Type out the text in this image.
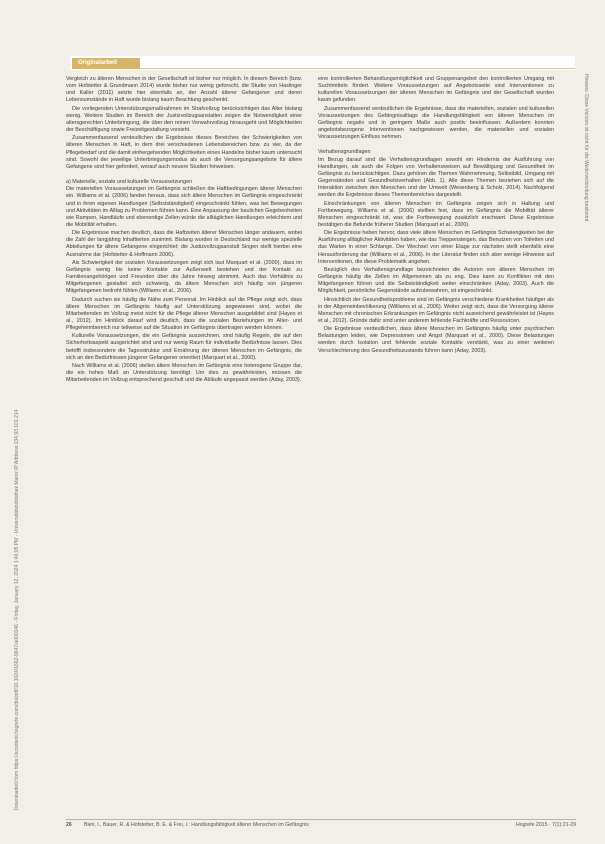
Originalarbeit
Downloaded from https://econtent.hogrefe.com/doi/pdf/10.1024/1662-9647/a000146 - Friday, January 12, 2024 1:46:05 PM - Universitätsbibliothek Mainz IP Address:134.93.101.214
Hinweis: Diese Version ist nicht für die Weiterverbreitung bestimmt

Vergleich zu älteren Menschen in der Gesellschaft ist bisher nur möglich. In diesem Bereich (bzw. vom Hofstetter & Grundmann 2014) wurde bisher nur wenig geforscht, die Studie von Haslinger und Kaller (2011) setzte hier ebenfalls an, der Anzahl älterer Gefangener und deren Lebensumstände in Haft wurde bislang kaum Beachtung geschenkt.

Die vorliegenden Unterstützungsmaßnahmen im Strafvollzug berücksichtigen das Alter bislang wenig. Weitere Studien im Bereich der Justizvollzugsanstalten zeigen die Notwendigkeit einer altersgerechten Unterbringung, die über den reinen Verwahrvollzug hinausgeht und Möglichkeiten der Beschäftigung sowie Freizeitgestaltung vorsieht.

Zusammenfassend verdeutlichen die Ergebnisse dieses Bereiches der Schwierigkeiten von älteren Menschen in Haft, in dem drei verschiedenen Lebensbereichen bzw. zu vier, da der Pflegebedarf und die damit einhergehenden Möglichkeiten eines Handelns bisher kaum untersucht sind. Sowohl der jeweilige Unterbringungsmodus als auch die Versorgungsangebote für ältere Gefangene sind hier gefordert, worauf auch neuere Studien hinweisen.

a) Materielle, soziale und kulturelle Voraussetzungen

Die materiellen Voraussetzungen im Gefängnis schließen die Haftbedingungen älterer Menschen ein. Williams et al. (2006) fanden heraus, dass sich ältere Menschen im Gefängnis eingeschränkt und in ihren eigenen Handlungen (Selbstständigkeit) eingeschränkt fühlen, was bei Bewegungen und Aktivitäten im Alltag zu Problemen führen kann. Eine Anpassung der baulichen Gegebenheiten wie Rampen, Handläufe und ebenerdige Zellen würde die alltäglichen Handlungen erleichtern und die Mobilität erhalten.

Die Ergebnisse machen deutlich, dass die Haftzeiten älterer Menschen länger andauern, wobei die Zahl der langjährig Inhaftierten zunimmt. Bislang wurden in Deutschland nur wenige spezielle Abteilungen für ältere Gefangene eingerichtet; die Justizvollzugsanstalt Singen stellt hierbei eine Ausnahme dar (Hofstetter & Hoffmann 2006).

Als Schwierigkeit der sozialen Voraussetzungen zeigt sich laut Marquart et al. (2000), dass im Gefängnis wenig bis keine Kontakte zur Außenwelt bestehen und der Kontakt zu Familienangehörigen und Freunden über die Jahre hinweg abnimmt. Auch das Verhältnis zu Mitgefangenen gestaltet sich schwierig, da ältere Menschen sich häufig von jüngeren Mitgefangenen bedroht fühlen (Williams et al., 2006).

Dadurch suchen sie häufig die Nähe zum Personal. Im Hinblick auf die Pflege zeigt sich, dass ältere Menschen im Gefängnis häufig auf Unterstützung angewiesen sind, wobei die Mitarbeitenden im Vollzug meist nicht für die Pflege älterer Menschen ausgebildet sind (Hayes et al., 2012). Im Hinblick darauf wird deutlich, dass die sozialen Beziehungen im Alter- und Pflegeheimbereich nur teilweise auf die Situation im Gefängnis übertragen werden können.

Kulturelle Voraussetzungen, die ein Gefängnis auszeichnen, sind häufig Regeln, die auf den Sicherheitsaspekt ausgerichtet sind und nur wenig Raum für individuelle Bedürfnisse lassen. Dies betrifft insbesondere die Tagesstruktur und Ernährung der älteren Menschen im Gefängnis, die sich an den Bedürfnissen jüngerer Gefangener orientiert (Marquart et al., 2000).

Nach Williams et al. (2006) stellen ältere Menschen im Gefängnis eine heterogene Gruppe dar, die ein hohes Maß an Unterstützung benötigt. Um dies zu gewährleisten, müssen die Mitarbeitenden im Vollzug entsprechend geschult und die Abläufe angepasst werden (Aday, 2003).

eine kontrollierten Behandlungsmöglichkeit und Gruppenangebot den kontrollierten Umgang mit Suchtmitteln fördert. Weitere Voraussetzungen auf Angebotsseite sind Interventionen zu kulturellen Voraussetzungen der älteren Menschen im Gefängnis und der Gesellschaft wurden kaum gefunden.

Zusammenfassend verdeutlichen die Ergebnisse, dass die materiellen, sozialen und kulturellen Voraussetzungen des Gefängnisalltags die Handlungsfähigkeit von älteren Menschen im Gefängnis negativ und in geringem Maße auch positiv beeinflussen. Außerdem konnten angebotsbezogene Interventionen nachgewiesen werden, die materiellen und sozialen Voraussetzungen Einfluss nehmen.

Verhaltensgrundlagen

Im Bezug darauf sind die Verhaltensgrundlagen sowohl ein Hindernis der Ausführung von Handlungen, als auch die Folgen von Verhaltensweisen auf Bewältigung und Gesundheit im Gefängnis zu berücksichtigen. Dazu gehören die Themen Wahrnehmung, Selbstbild, Umgang mit Gegenständen und Gesundheitsverhalten (Abb. 1). Alle diese Themen beziehen sich auf die Interaktion zwischen den Menschen und der Umwelt (Wesenberg & Scholz, 2014). Nachfolgend werden die Ergebnisse dieses Themenbereiches dargestellt.

Einschränkungen von älteren Menschen im Gefängnis zeigen sich in Haltung und Fortbewegung. Williams et al. (2006) stellten fest, dass im Gefängnis die Mobilität älterer Menschen eingeschränkt ist, was die Fortbewegung zusätzlich erschwert. Diese Ergebnisse bestätigen die Befunde früherer Studien (Marquart et al., 2000).

Die Ergebnisse heben hervor, dass viele ältere Menschen im Gefängnis Schwierigkeiten bei der Ausführung alltäglicher Aktivitäten haben, wie das Treppensteigen, das Benutzen von Toiletten und das Warten in einer Schlange. Der Wechsel von einer Etage zur nächsten stellt ebenfalls eine Herausforderung dar (Williams et al., 2006). In der Literatur finden sich aber wenige Hinweise auf Interventionen, die diese Problematik angehen.

Bezüglich des Verhaltensgrundlage bezeichneten die Autoren von älteren Menschen im Gefängnis häufig die Zellen im Allgemeinen als zu eng. Dies kann zu Konflikten mit den Mitgefangenen führen und die Selbstständigkeit weiter einschränken (Aday, 2003). Auch die Möglichkeit, persönliche Gegenstände aufzubewahren, ist eingeschränkt.

Hinsichtlich der Gesundheitsprobleme sind im Gefängnis verschiedene Krankheiten häufiger als in der Allgemeinbevölkerung (Williams et al., 2006). Weiter zeigt sich, dass die Versorgung älterer Menschen mit chronischen Erkrankungen im Gefängnis nicht ausreichend gewährleistet ist (Hayes et al., 2012). Gründe dafür sind unter anderem fehlende Fachkräfte und Ressourcen.

Die Ergebnisse verdeutlichen, dass ältere Menschen im Gefängnis häufig unter psychischen Belastungen leiden, wie Depressionen und Angst (Marquart et al., 2000). Diese Belastungen werden durch Isolation und fehlende soziale Kontakte verstärkt, was zu einer weiteren Verschlechterung des Gesundheitszustands führen kann (Aday, 2003).

26 Bieri, I., Bauer, R. & Hofstetter, B. E. & Frei, I.: Handlungsfähigkeit älterer Menschen im Gefängnis	Hogrefe 2015 · 7(1):21-29
